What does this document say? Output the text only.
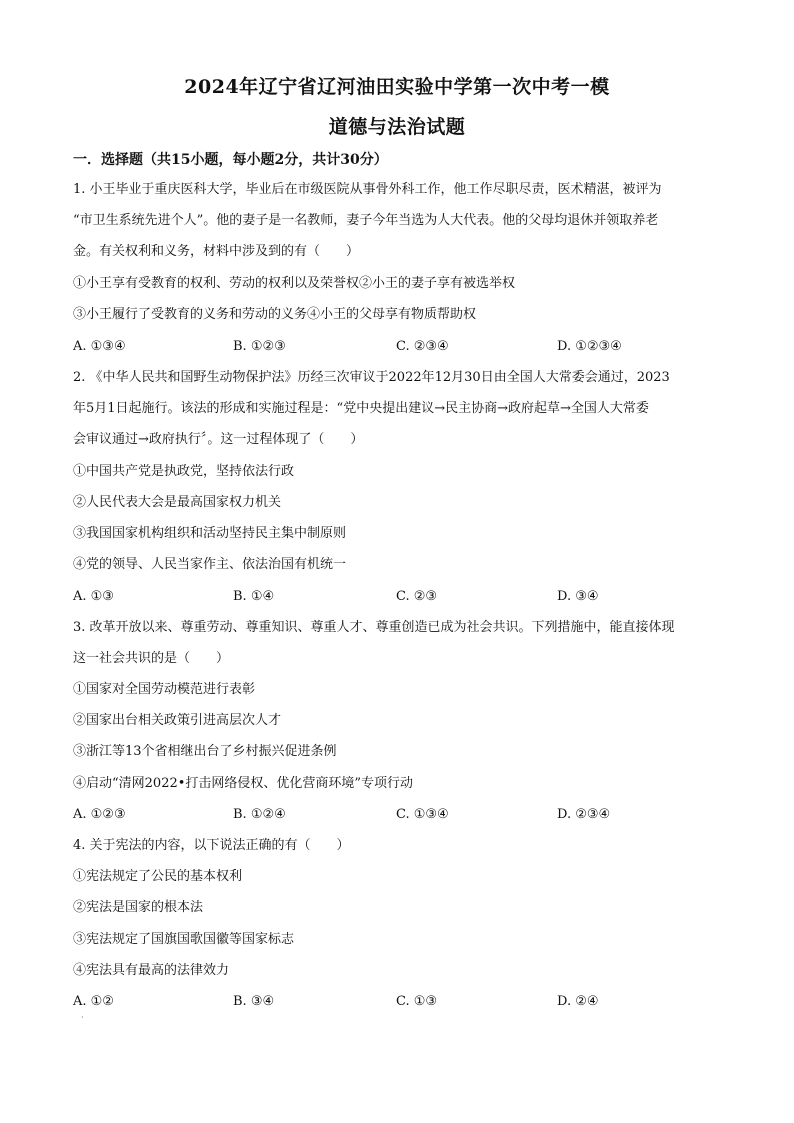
2024年辽宁省辽河油田实验中学第一次中考一模
道德与法治试题
一．选择题（共15小题，每小题2分，共计30分）
1. 小王毕业于重庆医科大学，毕业后在市级医院从事骨外科工作，他工作尽职尽责，医术精湛，被评为
“市卫生系统先进个人”。他的妻子是一名教师，妻子今年当选为人大代表。他的父母均退休并领取养老
金。有关权利和义务，材料中涉及到的有（　　）
①小王享有受教育的权利、劳动的权利以及荣誉权②小王的妻子享有被选举权
③小王履行了受教育的义务和劳动的义务④小王的父母享有物质帮助权
A. ①③④	B. ①②③	C. ②③④	D. ①②③④
2. 《中华人民共和国野生动物保护法》历经三次审议于2022年12月30日由全国人大常委会通过，2023
年5月1日起施行。该法的形成和实施过程是：“党中央提出建议→民主协商→政府起草→全国人大常委
会审议通过→政府执行〞。这一过程体现了（　　）
①中国共产党是执政党，坚持依法行政
②人民代表大会是最高国家权力机关
③我国国家机构组织和活动坚持民主集中制原则
④党的领导、人民当家作主、依法治国有机统一
A. ①③	B. ①④	C. ②③	D. ③④
3. 改革开放以来、尊重劳动、尊重知识、尊重人才、尊重创造已成为社会共识。下列措施中，能直接体现
这一社会共识的是（　　）
①国家对全国劳动模范进行表彰
②国家出台相关政策引进高层次人才
③浙江等13个省相继出台了乡村振兴促进条例
④启动“清网2022•打击网络侵权、优化营商环境”专项行动
A. ①②③	B. ①②④	C. ①③④	D. ②③④
4. 关于宪法的内容，以下说法正确的有（　　）
①宪法规定了公民的基本权利
②宪法是国家的根本法
③宪法规定了国旗国歌国徽等国家标志
④宪法具有最高的法律效力
A. ①②	B. ③④	C. ①③	D. ②④
·
